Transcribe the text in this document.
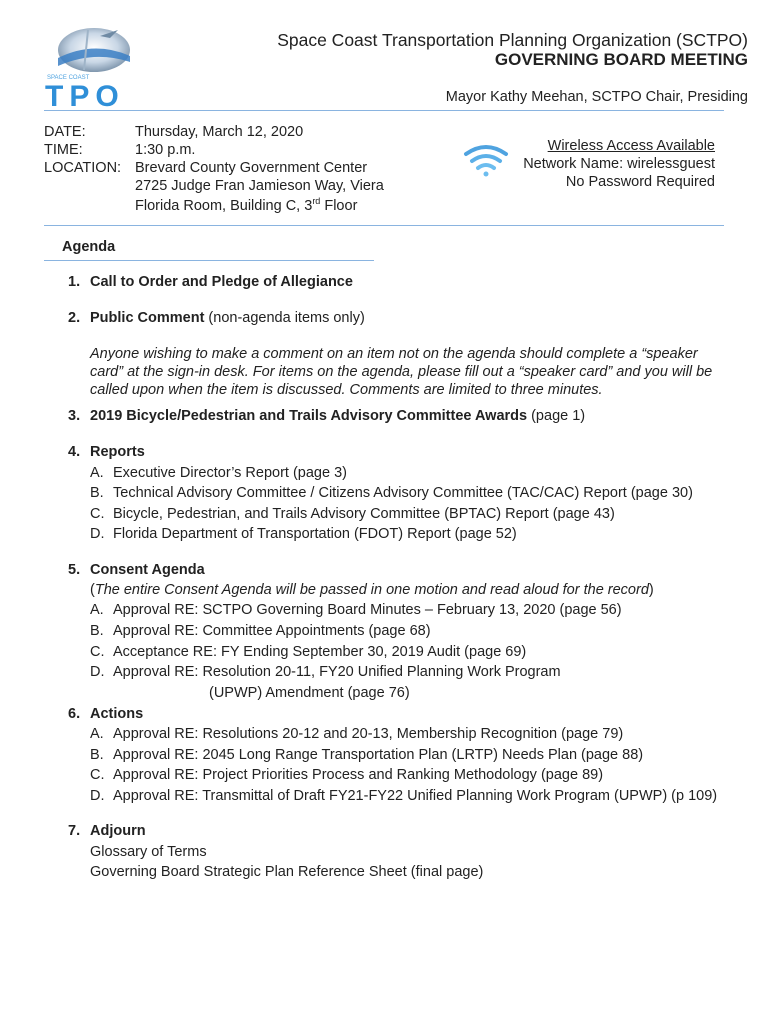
SPACE COAST
TPO
Space Coast Transportation Planning Organization (SCTPO)
GOVERNING BOARD MEETING
Mayor Kathy Meehan, SCTPO Chair, Presiding
DATE:	Thursday, March 12, 2020
TIME:	1:30 p.m.
LOCATION: Brevard County Government Center
2725 Judge Fran Jamieson Way, Viera
Florida Room, Building C, 3rd Floor
Wireless Access Available
Network Name: wirelessguest
No Password Required
Agenda
1. Call to Order and Pledge of Allegiance
2. Public Comment (non-agenda items only)
Anyone wishing to make a comment on an item not on the agenda should complete a “speaker
card” at the sign-in desk. For items on the agenda, please fill out a “speaker card” and you will be
called upon when the item is discussed. Comments are limited to three minutes.
3. 2019 Bicycle/Pedestrian and Trails Advisory Committee Awards (page 1)
4. Reports
A. Executive Director’s Report (page 3)
B. Technical Advisory Committee / Citizens Advisory Committee (TAC/CAC) Report (page 30)
C. Bicycle, Pedestrian, and Trails Advisory Committee (BPTAC) Report (page 43)
D. Florida Department of Transportation (FDOT) Report (page 52)
5. Consent Agenda
(The entire Consent Agenda will be passed in one motion and read aloud for the record)
A. Approval RE: SCTPO Governing Board Minutes – February 13, 2020 (page 56)
B. Approval RE: Committee Appointments (page 68)
C. Acceptance RE: FY Ending September 30, 2019 Audit (page 69)
D. Approval RE: Resolution 20-11, FY20 Unified Planning Work Program
(UPWP) Amendment (page 76)
6. Actions
A. Approval RE: Resolutions 20-12 and 20-13, Membership Recognition (page 79)
B. Approval RE: 2045 Long Range Transportation Plan (LRTP) Needs Plan (page 88)
C. Approval RE: Project Priorities Process and Ranking Methodology (page 89)
D. Approval RE: Transmittal of Draft FY21-FY22 Unified Planning Work Program (UPWP) (p 109)
7. Adjourn
Glossary of Terms
Governing Board Strategic Plan Reference Sheet (final page)
